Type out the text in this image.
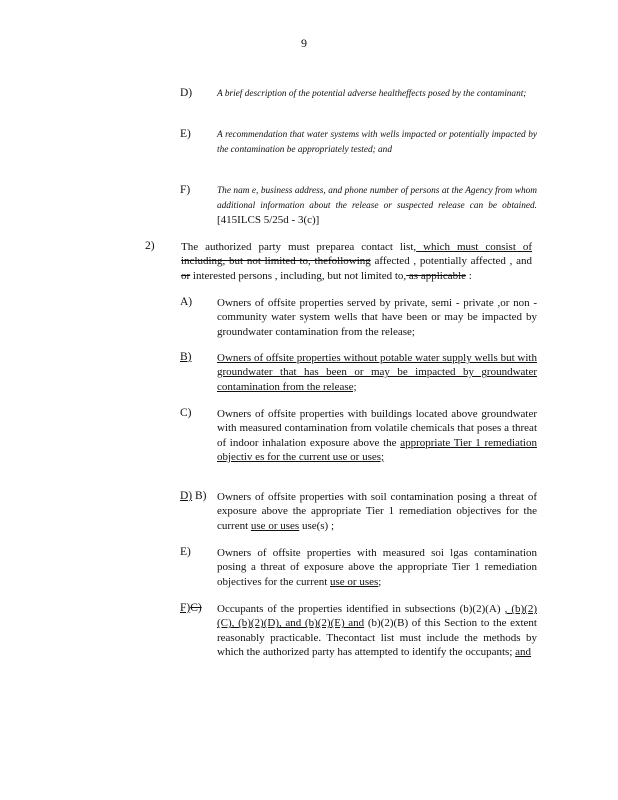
9
D)	A brief description of the potential adverse healtheffects posed by the contaminant;
E)	A recommendation that water systems with wells impacted or potentially impacted by the contamination be appropriately tested; and
F)	The nam e, business address, and phone number of persons at the Agency from whom additional information about the release or suspected release can be obtained. [415ILCS 5/25d - 3(c)]
2) The authorized party must preparea contact list, which must consist of including, but not limited to, thefollowing affected , potentially affected , and or interested persons , including, but not limited to, as applicable :
A) Owners of offsite properties served by private, semi - private ,or non -community water system wells that have been or may be impacted by groundwater contamination from the release;
B) Owners of offsite properties without potable water supply wells but with groundwater that has been or may be impacted by groundwater contamination from the release;
C) Owners of offsite properties with buildings located above groundwater with measured contamination from volatile chemicals that poses a threat of indoor inhalation exposure above the appropriate Tier 1 remediation objectiv es for the current use or uses;
D) B) Owners of offsite properties with soil contamination posing a threat of exposure above the appropriate Tier 1 remediation objectives for the current use or uses use(s) ;
E) Owners of offsite properties with measured soi lgas contamination posing a threat of exposure above the appropriate Tier 1 remediation objectives for the current use or uses;
F)C) Occupants of the properties identified in subsections (b)(2)(A) , (b)(2)(C), (b)(2)(D), and (b)(2)(E) and (b)(2)(B) of this Section to the extent reasonably practicable. Thecontact list must include the methods by which the authorized party has attempted to identify the occupants; and
